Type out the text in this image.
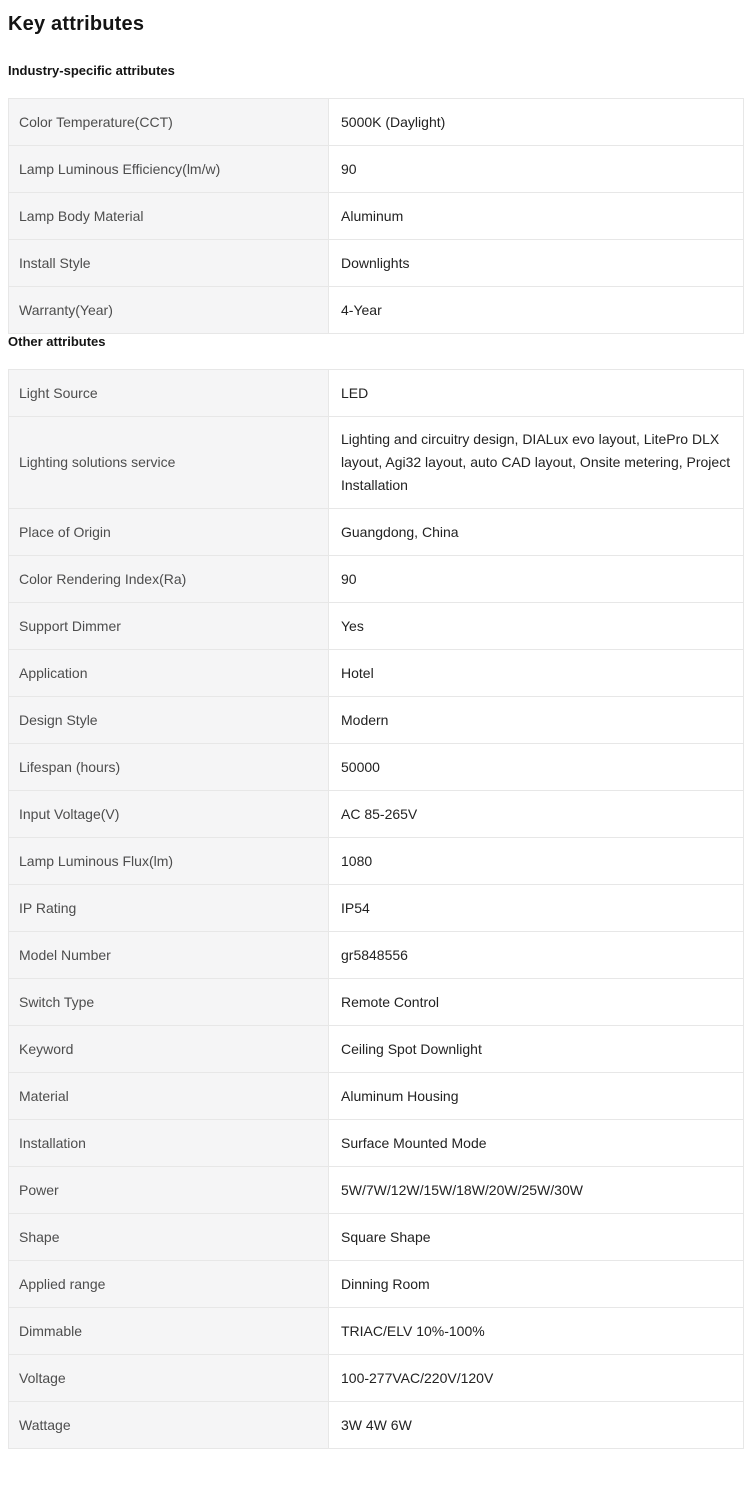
Key attributes
Industry-specific attributes
Color Temperature(CCT)	5000K (Daylight)
Lamp Luminous Efficiency(lm/w)	90
Lamp Body Material	Aluminum
Install Style	Downlights
Warranty(Year)	4-Year
Other attributes
Light Source	LED
Lighting solutions service	Lighting and circuitry design, DIALux evo layout, LitePro DLX layout, Agi32 layout, auto CAD layout, Onsite metering, Project Installation
Place of Origin	Guangdong, China
Color Rendering Index(Ra)	90
Support Dimmer	Yes
Application	Hotel
Design Style	Modern
Lifespan (hours)	50000
Input Voltage(V)	AC 85-265V
Lamp Luminous Flux(lm)	1080
IP Rating	IP54
Model Number	gr5848556
Switch Type	Remote Control
Keyword	Ceiling Spot Downlight
Material	Aluminum Housing
Installation	Surface Mounted Mode
Power	5W/7W/12W/15W/18W/20W/25W/30W
Shape	Square Shape
Applied range	Dinning Room
Dimmable	TRIAC/ELV 10%-100%
Voltage	100-277VAC/220V/120V
Wattage	3W 4W 6W
